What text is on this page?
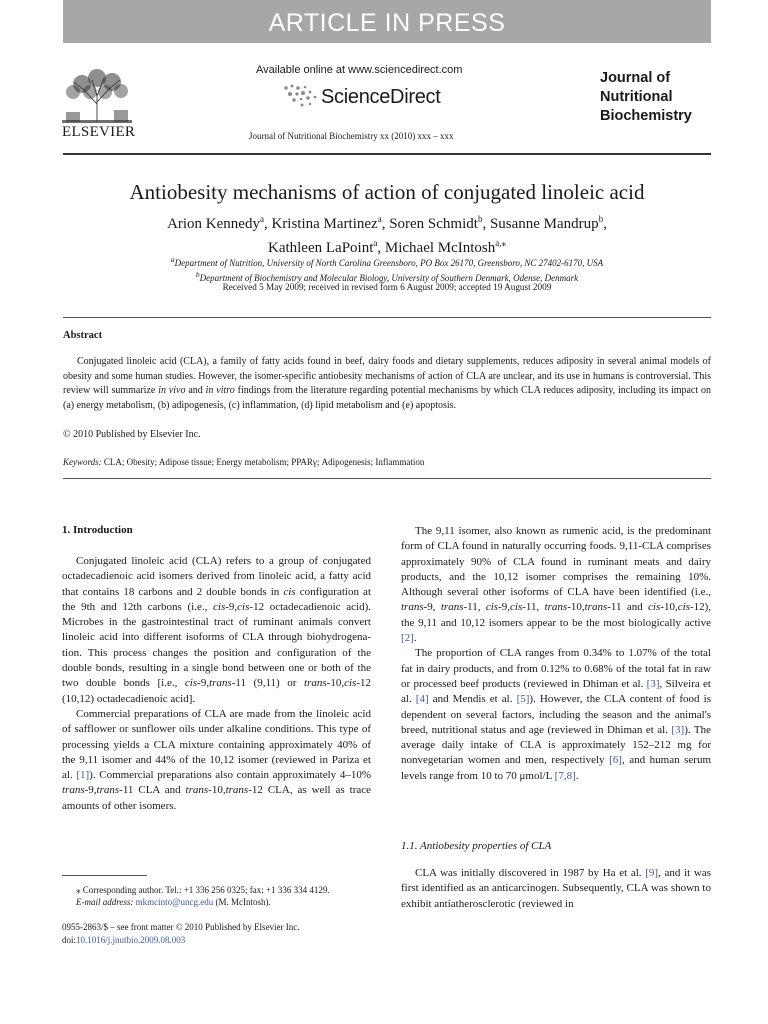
ARTICLE IN PRESS
ELSEVIER
Available online at www.sciencedirect.com
ScienceDirect
Journal of Nutritional Biochemistry xx (2010) xxx – xxx
Journal of
Nutritional
Biochemistry
Antiobesity mechanisms of action of conjugated linoleic acid
Arion Kennedy$^a$, Kristina Martinez$^a$, Soren Schmidt$^b$, Susanne Mandrup$^b$,
Kathleen LaPoint$^a$, Michael McIntosh$^{a,⁎}$
$^a$Department of Nutrition, University of North Carolina Greensboro, PO Box 26170, Greensboro, NC 27402-6170, USA
$^b$Department of Biochemistry and Molecular Biology, University of Southern Denmark, Odense, Denmark
Received 5 May 2009; received in revised form 6 August 2009; accepted 19 August 2009
Abstract
Conjugated linoleic acid (CLA), a family of fatty acids found in beef, dairy foods and dietary supplements, reduces adiposity in several animal models of obesity and some human studies. However, the isomer-specific antiobesity mechanisms of action of CLA are unclear, and its use in humans is controversial. This review will summarize in vivo and in vitro findings from the literature regarding potential mechanisms by which CLA reduces adiposity, including its impact on (a) energy metabolism, (b) adipogenesis, (c) inflammation, (d) lipid metabolism and (e) apoptosis.
© 2010 Published by Elsevier Inc.
Keywords: CLA; Obesity; Adipose tissue; Energy metabolism; PPARγ; Adipogenesis; Inflammation
1. Introduction

Conjugated linoleic acid (CLA) refers to a group of conjugated octadecadienoic acid isomers derived from linoleic acid, a fatty acid that contains 18 carbons and 2 double bonds in cis configuration at the 9th and 12th carbons (i.e., cis-9,cis-12 octadecadienoic acid). Microbes in the gastrointestinal tract of ruminant animals convert linoleic acid into different isoforms of CLA through biohydrogena-tion. This process changes the position and configuration of the double bonds, resulting in a single bond between one or both of the two double bonds [i.e., cis-9,trans-11 (9,11) or trans-10,cis-12 (10,12) octadecadienoic acid].

Commercial preparations of CLA are made from the linoleic acid of safflower or sunflower oils under alkaline conditions. This type of processing yields a CLA mixture containing approximately 40% of the 9,11 isomer and 44% of the 10,12 isomer (reviewed in Pariza et al. [1]). Commercial preparations also contain approximately 4–10% trans-9,trans-11 CLA and trans-10,trans-12 CLA, as well as trace amounts of other isomers.

The 9,11 isomer, also known as rumenic acid, is the predominant form of CLA found in naturally occurring foods. 9,11-CLA comprises approximately 90% of CLA found in ruminant meats and dairy products, and the 10,12 isomer comprises the remaining 10%. Although several other isoforms of CLA have been identified (i.e., trans-9, trans-11, cis-9,cis-11, trans-10,trans-11 and cis-10,cis-12), the 9,11 and 10,12 isomers appear to be the most biologically active [2].

The proportion of CLA ranges from 0.34% to 1.07% of the total fat in dairy products, and from 0.12% to 0.68% of the total fat in raw or processed beef products (reviewed in Dhiman et al. [3], Silveira et al. [4] and Mendis et al. [5]). However, the CLA content of food is dependent on several factors, including the season and the animal's breed, nutritional status and age (reviewed in Dhiman et al. [3]). The average daily intake of CLA is approximately 152–212 mg for nonvegetarian women and men, respectively [6], and human serum levels range from 10 to 70 μmol/L [7,8].

1.1. Antiobesity properties of CLA

CLA was initially discovered in 1987 by Ha et al. [9], and it was first identified as an anticarcinogen. Subsequently, CLA was shown to exhibit antiatherosclerotic (reviewed in

⁎ Corresponding author. Tel.: +1 336 256 0325; fax: +1 336 334 4129.
E-mail address: mkmcinto@uncg.edu (M. McIntosh).
0955-2863/$ – see front matter © 2010 Published by Elsevier Inc.
doi:10.1016/j.jnutbio.2009.08.003
